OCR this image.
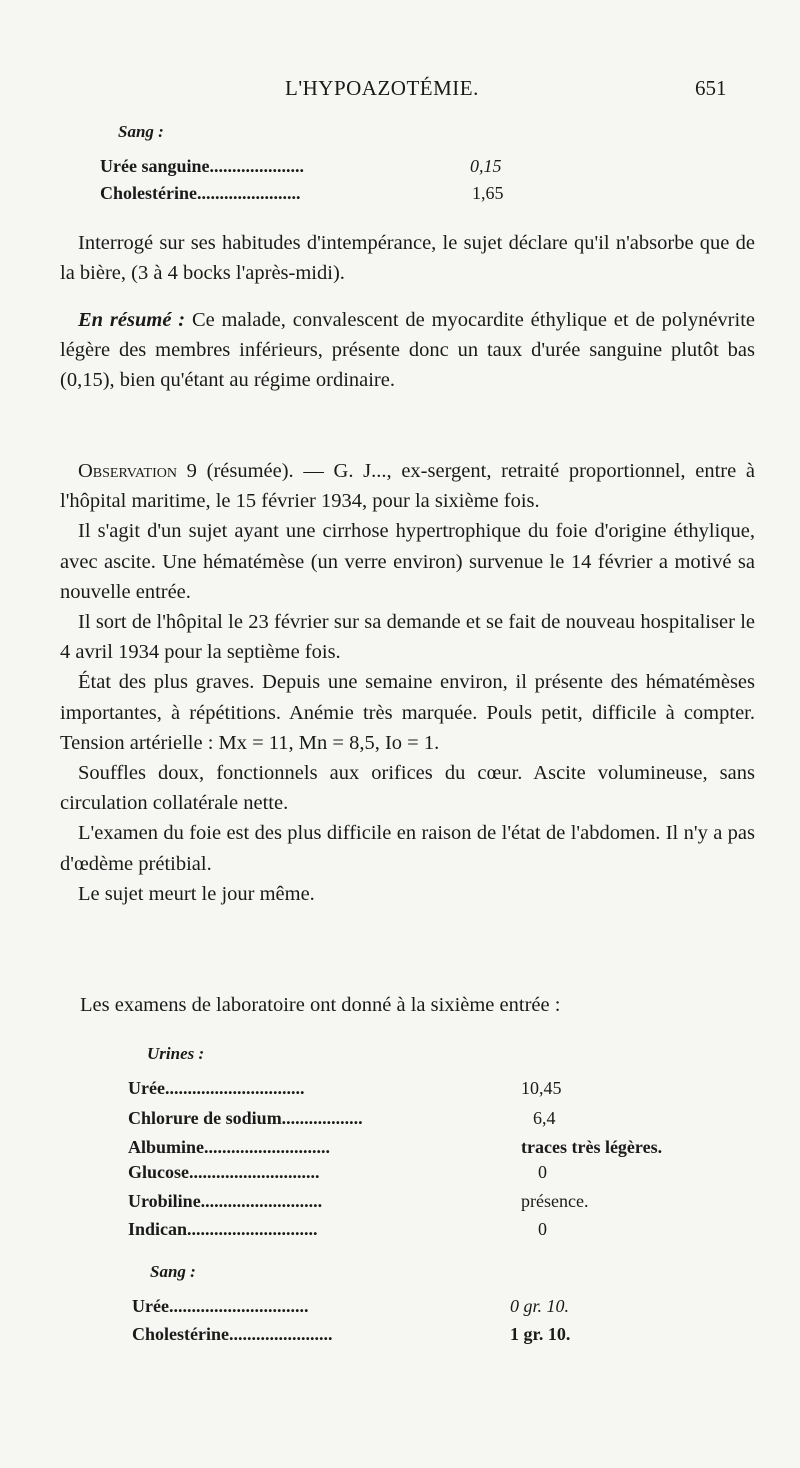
L'HYPOAZOTÉMIE.	651
Sang :
Urée sanguine.....................	0,15
Cholestérine.......................	1,65

Interrogé sur ses habitudes d'intempérance, le sujet déclare qu'il n'absorbe que de la bière, (3 à 4 bocks l'après-midi).

En résumé : Ce malade, convalescent de myocardite éthylique et de polynévrite légère des membres inférieurs, présente donc un taux d'urée sanguine plutôt bas (0,15), bien qu'étant au régime ordinaire.

Observation 9 (résumée). — G. J..., ex-sergent, retraité proportionnel, entre à l'hôpital maritime, le 15 février 1934, pour la sixième fois.

Il s'agit d'un sujet ayant une cirrhose hypertrophique du foie d'origine éthylique, avec ascite. Une hématémèse (un verre environ) survenue le 14 février a motivé sa nouvelle entrée.

Il sort de l'hôpital le 23 février sur sa demande et se fait de nouveau hospitaliser le 4 avril 1934 pour la septième fois.

État des plus graves. Depuis une semaine environ, il présente des hématémèses importantes, à répétitions. Anémie très marquée. Pouls petit, difficile à compter. Tension artérielle : Mx = 11, Mn = 8,5, Io = 1.

Souffles doux, fonctionnels aux orifices du cœur. Ascite volumineuse, sans circulation collatérale nette.

L'examen du foie est des plus difficile en raison de l'état de l'abdomen. Il n'y a pas d'œdème prétibial.

Le sujet meurt le jour même.

Les examens de laboratoire ont donné à la sixième entrée :
Urines :
Urée...............................	10,45
Chlorure de sodium..................	6,4
Albumine............................	traces très légères.
Glucose.............................	0
Urobiline...........................	présence.
Indican.............................	0
Sang :
Urée...............................	0 gr. 10.
Cholestérine.......................	1 gr. 10.
